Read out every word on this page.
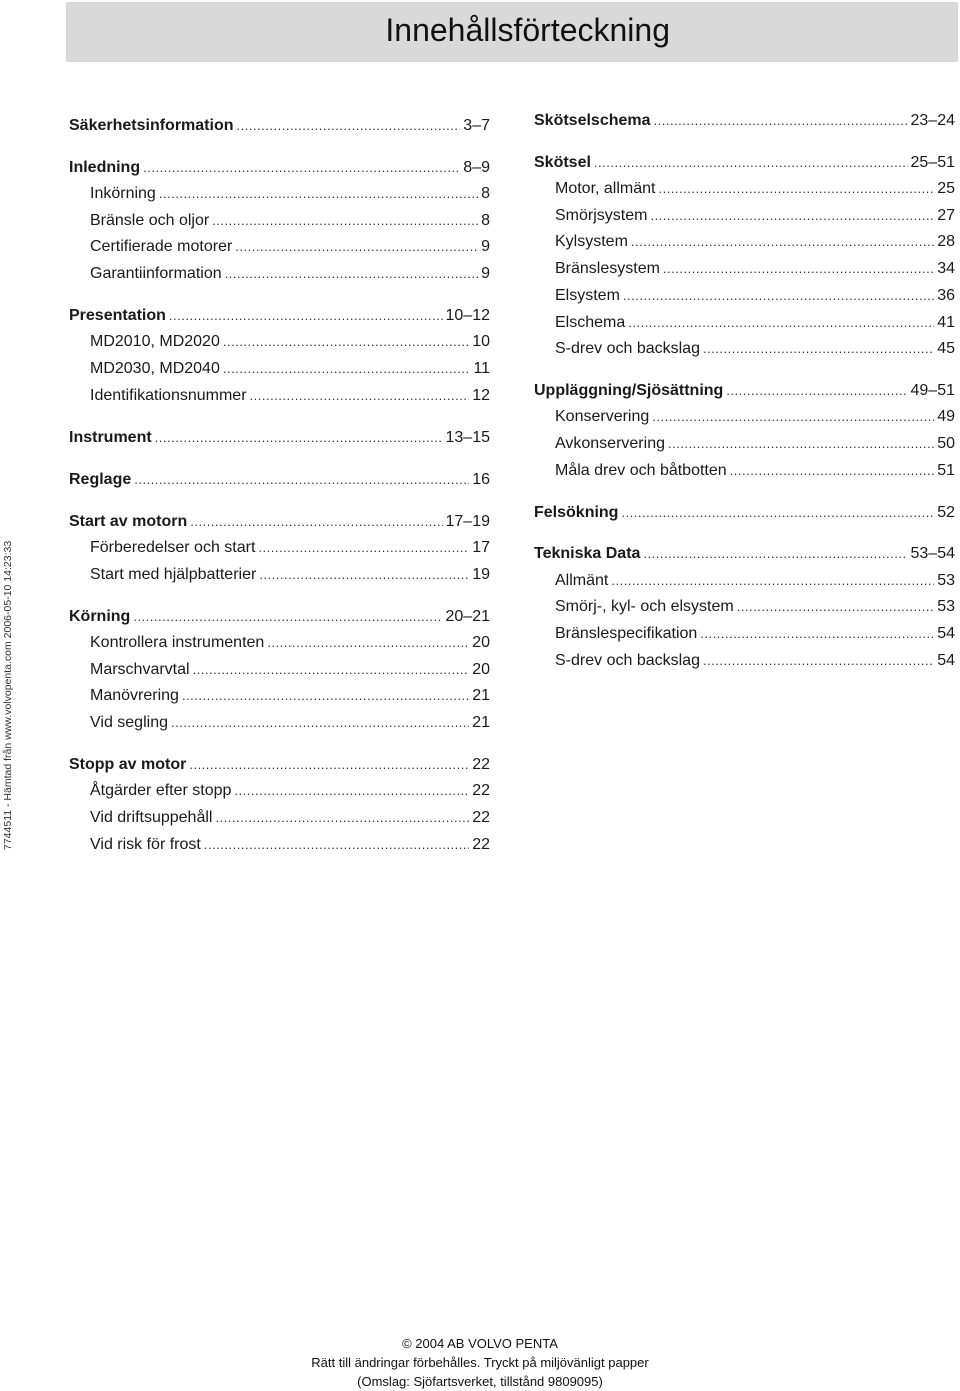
Innehållsförteckning
7744511 - Hämtad från www.volvopenta.com 2006-05-10 14:23:33
Säkerhetsinformation .....	3–7
Inledning .....	8–9
Inkörning .....	8
Bränsle och oljor .....	8
Certifierade motorer .....	9
Garantiinformation .....	9
Presentation .....	10–12
MD2010, MD2020 .....	10
MD2030, MD2040 .....	11
Identifikationsnummer .....	12
Instrument .....	13–15
Reglage .....	16
Start av motorn .....	17–19
Förberedelser och start .....	17
Start med hjälpbatterier .....	19
Körning .....	20–21
Kontrollera instrumenten .....	20
Marschvarvtal .....	20
Manövrering .....	21
Vid segling .....	21
Stopp av motor .....	22
Åtgärder efter stopp .....	22
Vid driftsuppehåll .....	22
Vid risk för frost .....	22
Skötselschema .....	23–24
Skötsel .....	25–51
Motor, allmänt .....	25
Smörjsystem .....	27
Kylsystem .....	28
Bränslesystem .....	34
Elsystem .....	36
Elschema .....	41
S-drev och backslag .....	45
Uppläggning/Sjösättning .....	49–51
Konservering .....	49
Avkonservering .....	50
Måla drev och båtbotten .....	51
Felsökning .....	52
Tekniska Data .....	53–54
Allmänt .....	53
Smörj-, kyl- och elsystem .....	53
Bränslespecifikation .....	54
S-drev och backslag .....	54
© 2004 AB VOLVO PENTA
Rätt till ändringar förbehålles. Tryckt på miljövänligt papper
(Omslag: Sjöfartsverket, tillstånd 9809095)
